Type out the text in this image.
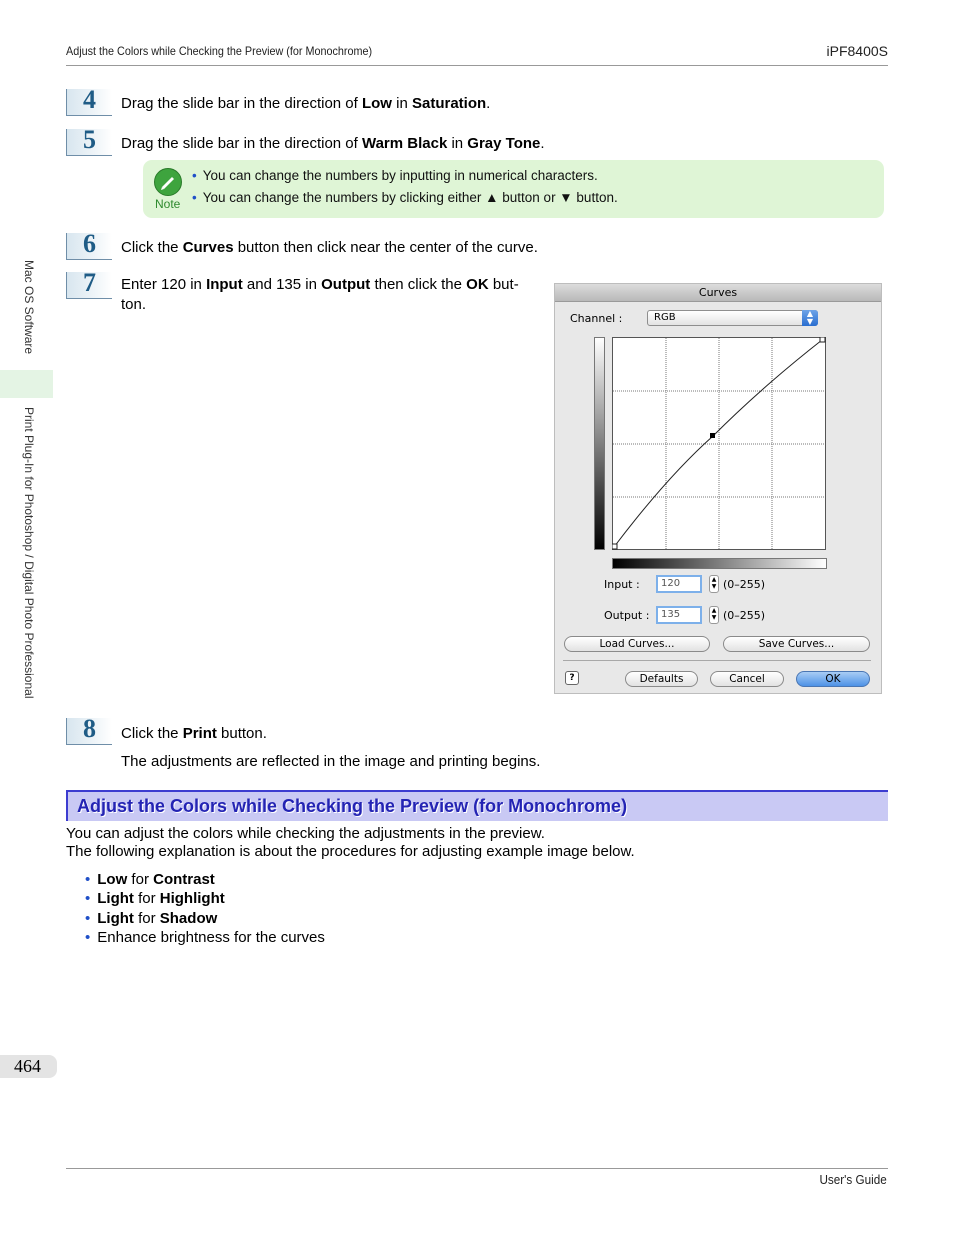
Adjust the Colors while Checking the Preview (for Monochrome)	iPF8400S
Mac OS Software
Print Plug-In for Photoshop / Digital Photo Professional
4	Drag the slide bar in the direction of Low in Saturation.
5	Drag the slide bar in the direction of Warm Black in Gray Tone.
Note
• You can change the numbers by inputting in numerical characters.
• You can change the numbers by clicking either ▲ button or ▼ button.
6	Click the Curves button then click near the center of the curve.
7	Enter 120 in Input and 135 in Output then click the OK but-
ton.
Curves
Channel :	RGB	▲
▼
Input :	120	▲
▼ (0–255)
Output :	135	▲
▼ (0–255)
Load Curves...	Save Curves...
?	Defaults	Cancel	OK
8	Click the Print button.
The adjustments are reflected in the image and printing begins.
Adjust the Colors while Checking the Preview (for Monochrome)
You can adjust the colors while checking the adjustments in the preview.
The following explanation is about the procedures for adjusting example image below.
• Low for Contrast
• Light for Highlight
• Light for Shadow
• Enhance brightness for the curves
464
User's Guide
